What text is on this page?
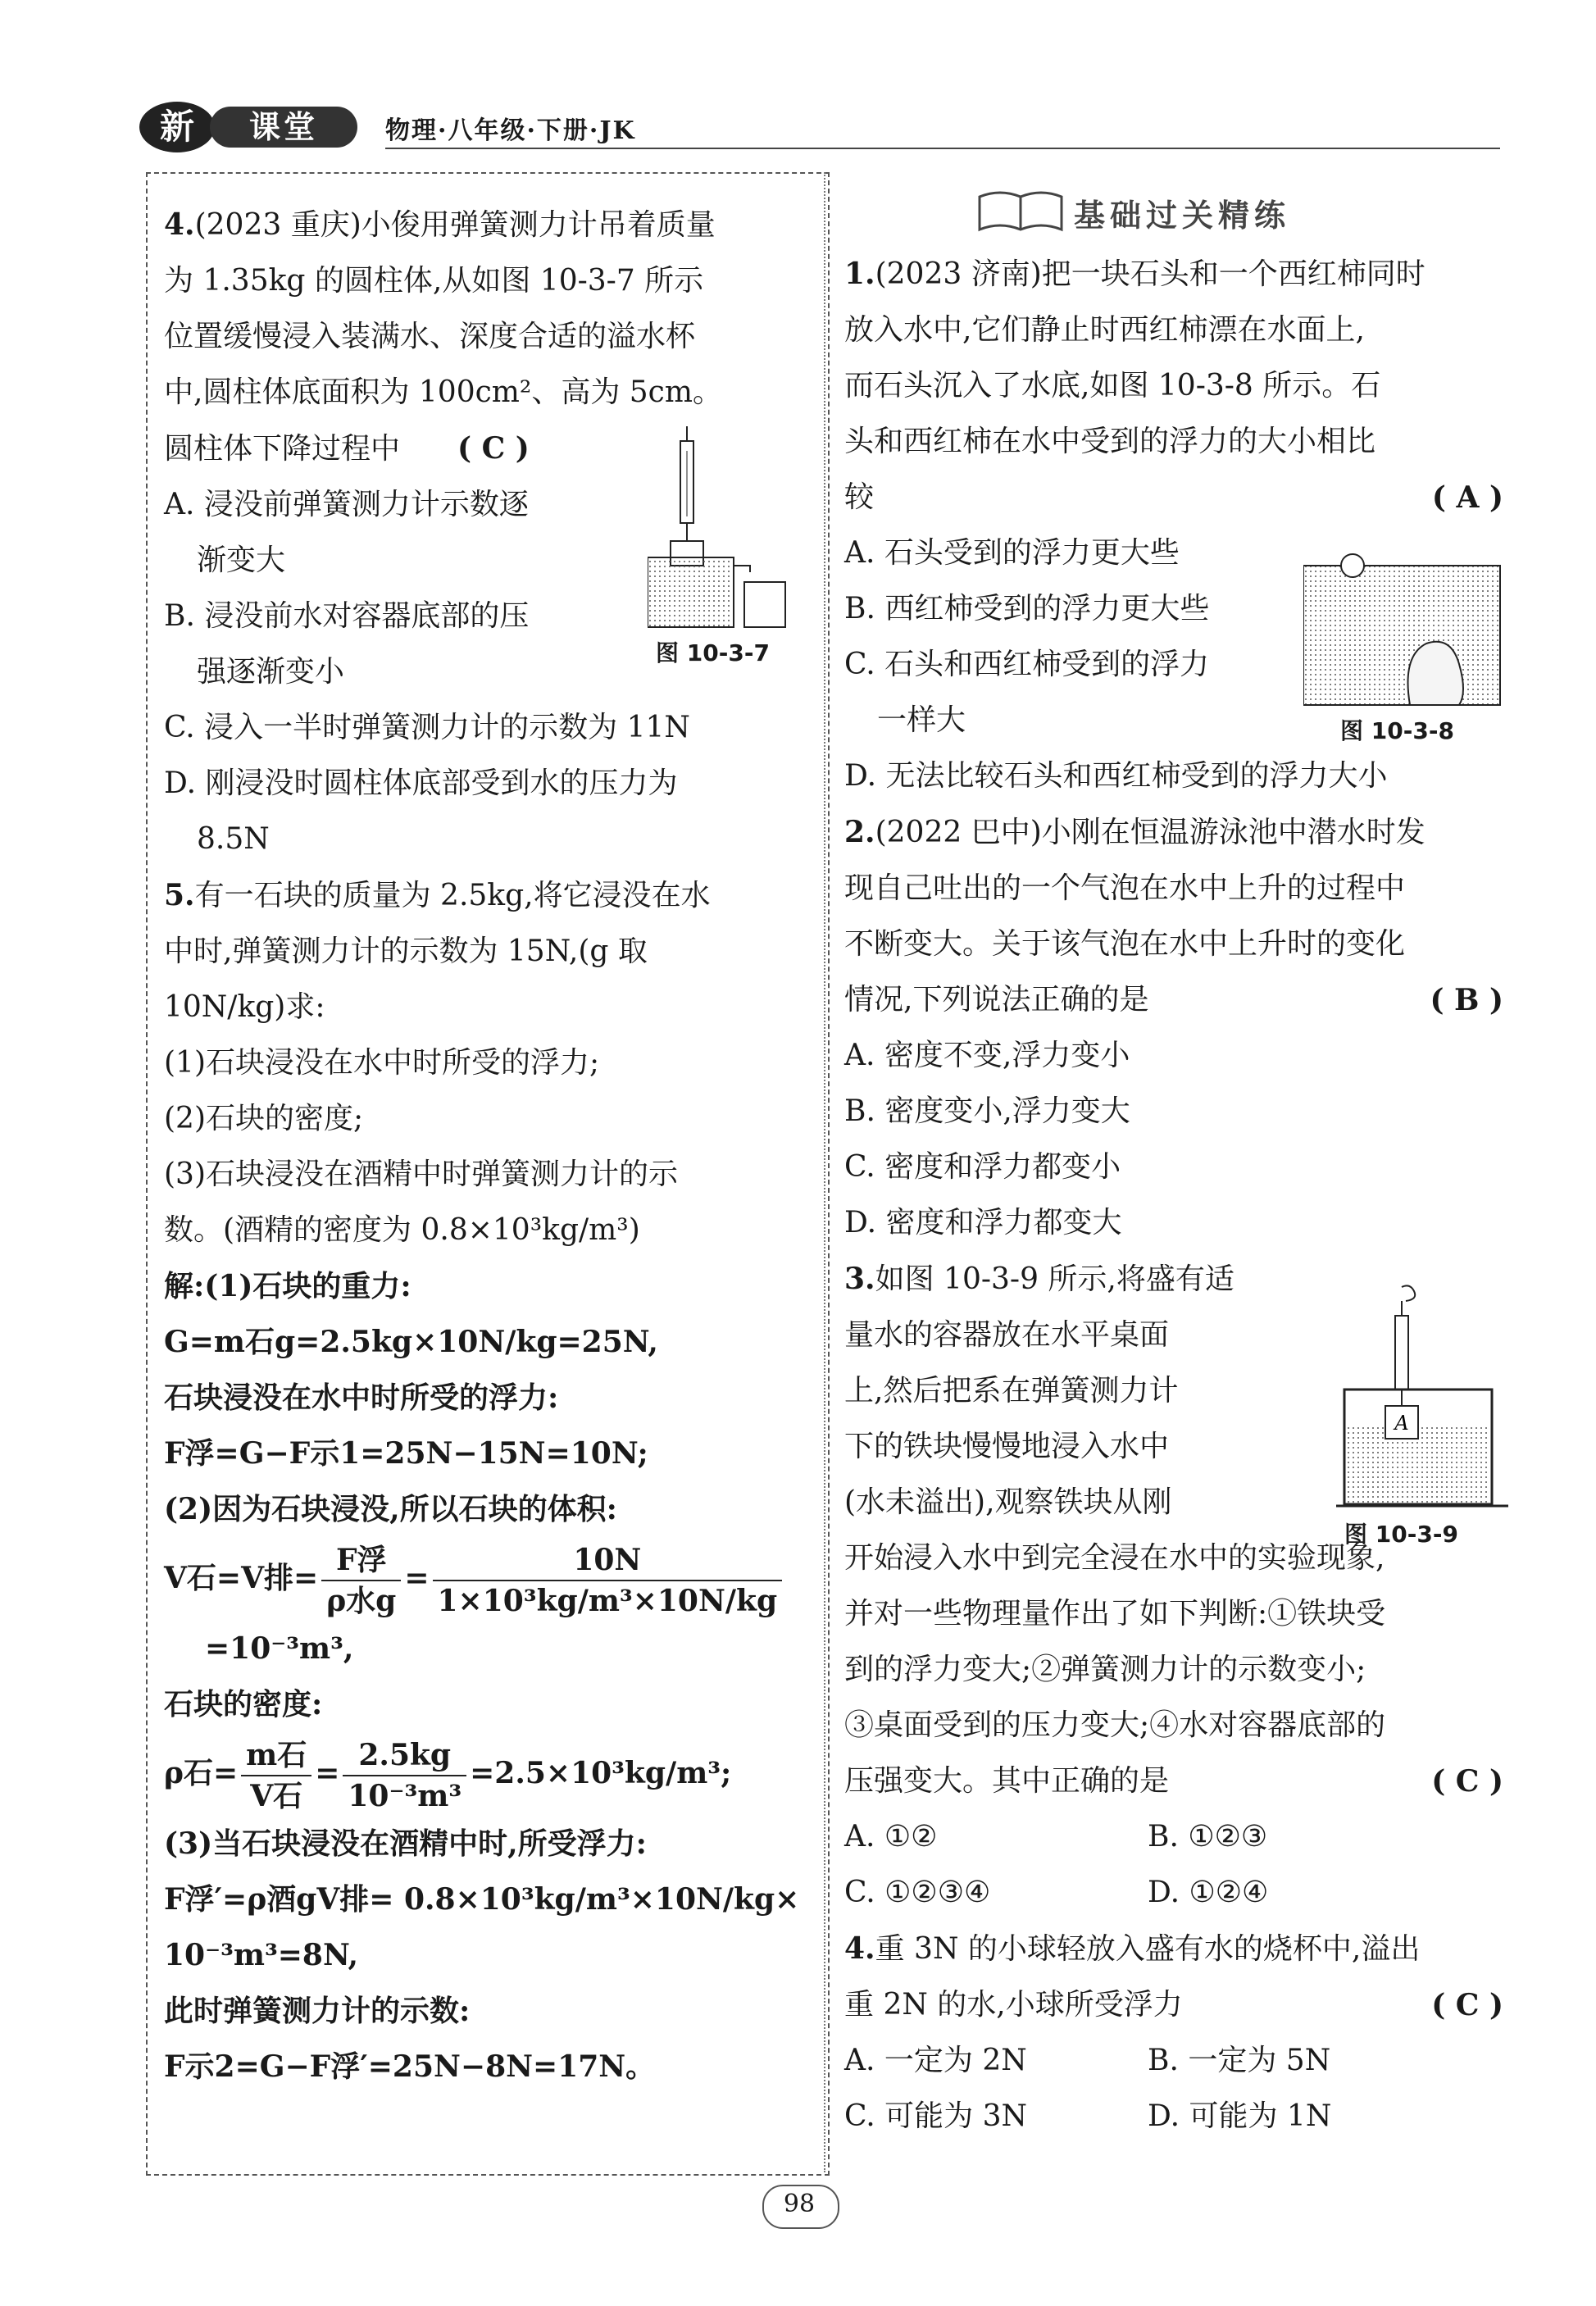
新	课堂	物理·八年级·下册·JK

4.(2023 重庆)小俊用弹簧测力计吊着质量

为 1.35kg 的圆柱体,从如图 10-3-7 所示

位置缓慢浸入装满水、深度合适的溢水杯

中,圆柱体底面积为 100cm²、高为 5cm。

圆柱体下降过程中 ( C )

A. 浸没前弹簧测力计示数逐

渐变大

B. 浸没前水对容器底部的压

强逐渐变小

C. 浸入一半时弹簧测力计的示数为 11N

D. 刚浸没时圆柱体底部受到水的压力为

8.5N

5.有一石块的质量为 2.5kg,将它浸没在水

中时,弹簧测力计的示数为 15N,(g 取

10N/kg)求:

(1)石块浸没在水中时所受的浮力;

(2)石块的密度;

(3)石块浸没在酒精中时弹簧测力计的示

数。(酒精的密度为 0.8×10³kg/m³)

解:(1)石块的重力:

G=m石g=2.5kg×10N/kg=25N,

石块浸没在水中时所受的浮力:

F浮=G−F示1=25N−15N=10N;

(2)因为石块浸没,所以石块的体积:

V石=V排= $\frac{\text{F浮}}{\text{ρ水g}} = \frac{10N}{\text{1×10³kg/m³×10N/kg}}$

=10⁻³m³,

石块的密度:

ρ石= $\frac{\text{m石}}{\text{V石}} = \frac{2.5kg}{\text{10⁻³m³}} =2.5\times 10^3kg/m^3$;

(3)当石块浸没在酒精中时,所受浮力:

F浮′=ρ酒gV排= 0.8×10³kg/m³×10N/kg×

10⁻³m³=8N,

此时弹簧测力计的示数:

F示2=G−F浮′=25N−8N=17N。

图 10-3-7
基础过关精练

1.(2023 济南)把一块石头和一个西红柿同时

放入水中,它们静止时西红柿漂在水面上,

而石头沉入了水底,如图 10-3-8 所示。石

头和西红柿在水中受到的浮力的大小相比

较	( A )

A. 石头受到的浮力更大些

B. 西红柿受到的浮力更大些

C. 石头和西红柿受到的浮力

一样大

D. 无法比较石头和西红柿受到的浮力大小

2.(2022 巴中)小刚在恒温游泳池中潜水时发

现自己吐出的一个气泡在水中上升的过程中

不断变大。关于该气泡在水中上升时的变化

情况,下列说法正确的是	( B )

A. 密度不变,浮力变小

B. 密度变小,浮力变大

C. 密度和浮力都变小

D. 密度和浮力都变大

3.如图 10-3-9 所示,将盛有适

量水的容器放在水平桌面

上,然后把系在弹簧测力计

下的铁块慢慢地浸入水中

(水未溢出),观察铁块从刚

开始浸入水中到完全浸在水中的实验现象,

并对一些物理量作出了如下判断:①铁块受

到的浮力变大;②弹簧测力计的示数变小;

③桌面受到的压力变大;④水对容器底部的

压强变大。其中正确的是	( C )

A. ①②	B. ①②③

C. ①②③④	D. ①②④

4.重 3N 的小球轻放入盛有水的烧杯中,溢出

重 2N 的水,小球所受浮力	( C )

A. 一定为 2N	B. 一定为 5N

C. 可能为 3N	D. 可能为 1N

图 10-3-8
A
图 10-3-9
98
